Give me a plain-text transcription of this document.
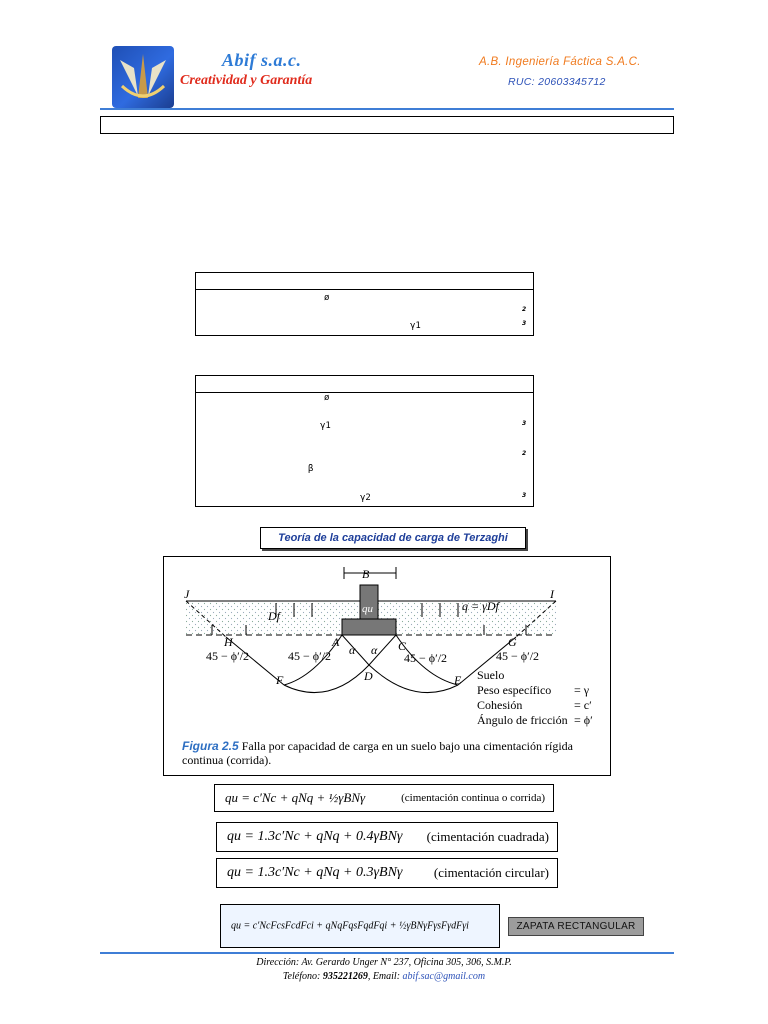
Abif s.a.c.
Creatividad y Garantía
A.B. Ingeniería Fáctica S.A.C.
RUC: 20603345712
ø
2
γ1	3
ø
γ1	3
2
β
γ2	3
Teoría de la capacidad de carga de Terzaghi
B
J	I
Df	qu	q = γDf
H	A
α α C	G
45 − ϕ′/2	45 − ϕ′/2	45 − ϕ′/2	45 − ϕ′/2
F	D	E Suelo
Peso específico = γ
Cohesión	= c′
Ángulo de fricción = ϕ′
Figura 2.5 Falla por capacidad de carga en un suelo bajo una cimentación rígida continua (corrida).
qu = c′Nc + qNq + ½γBNγ	(cimentación continua o corrida)
qu = 1.3c′Nc + qNq + 0.4γBNγ (cimentación cuadrada)
qu = 1.3c′Nc + qNq + 0.3γBNγ (cimentación circular)
qu = c′NcFcsFcdFci + qNqFqsFqdFqi + ½γBNγFγsFγdFγi	ZAPATA RECTANGULAR
Dirección: Av. Gerardo Unger N° 237, Oficina 305, 306, S.M.P.
Teléfono: 935221269, Email: abif.sac@gmail.com
